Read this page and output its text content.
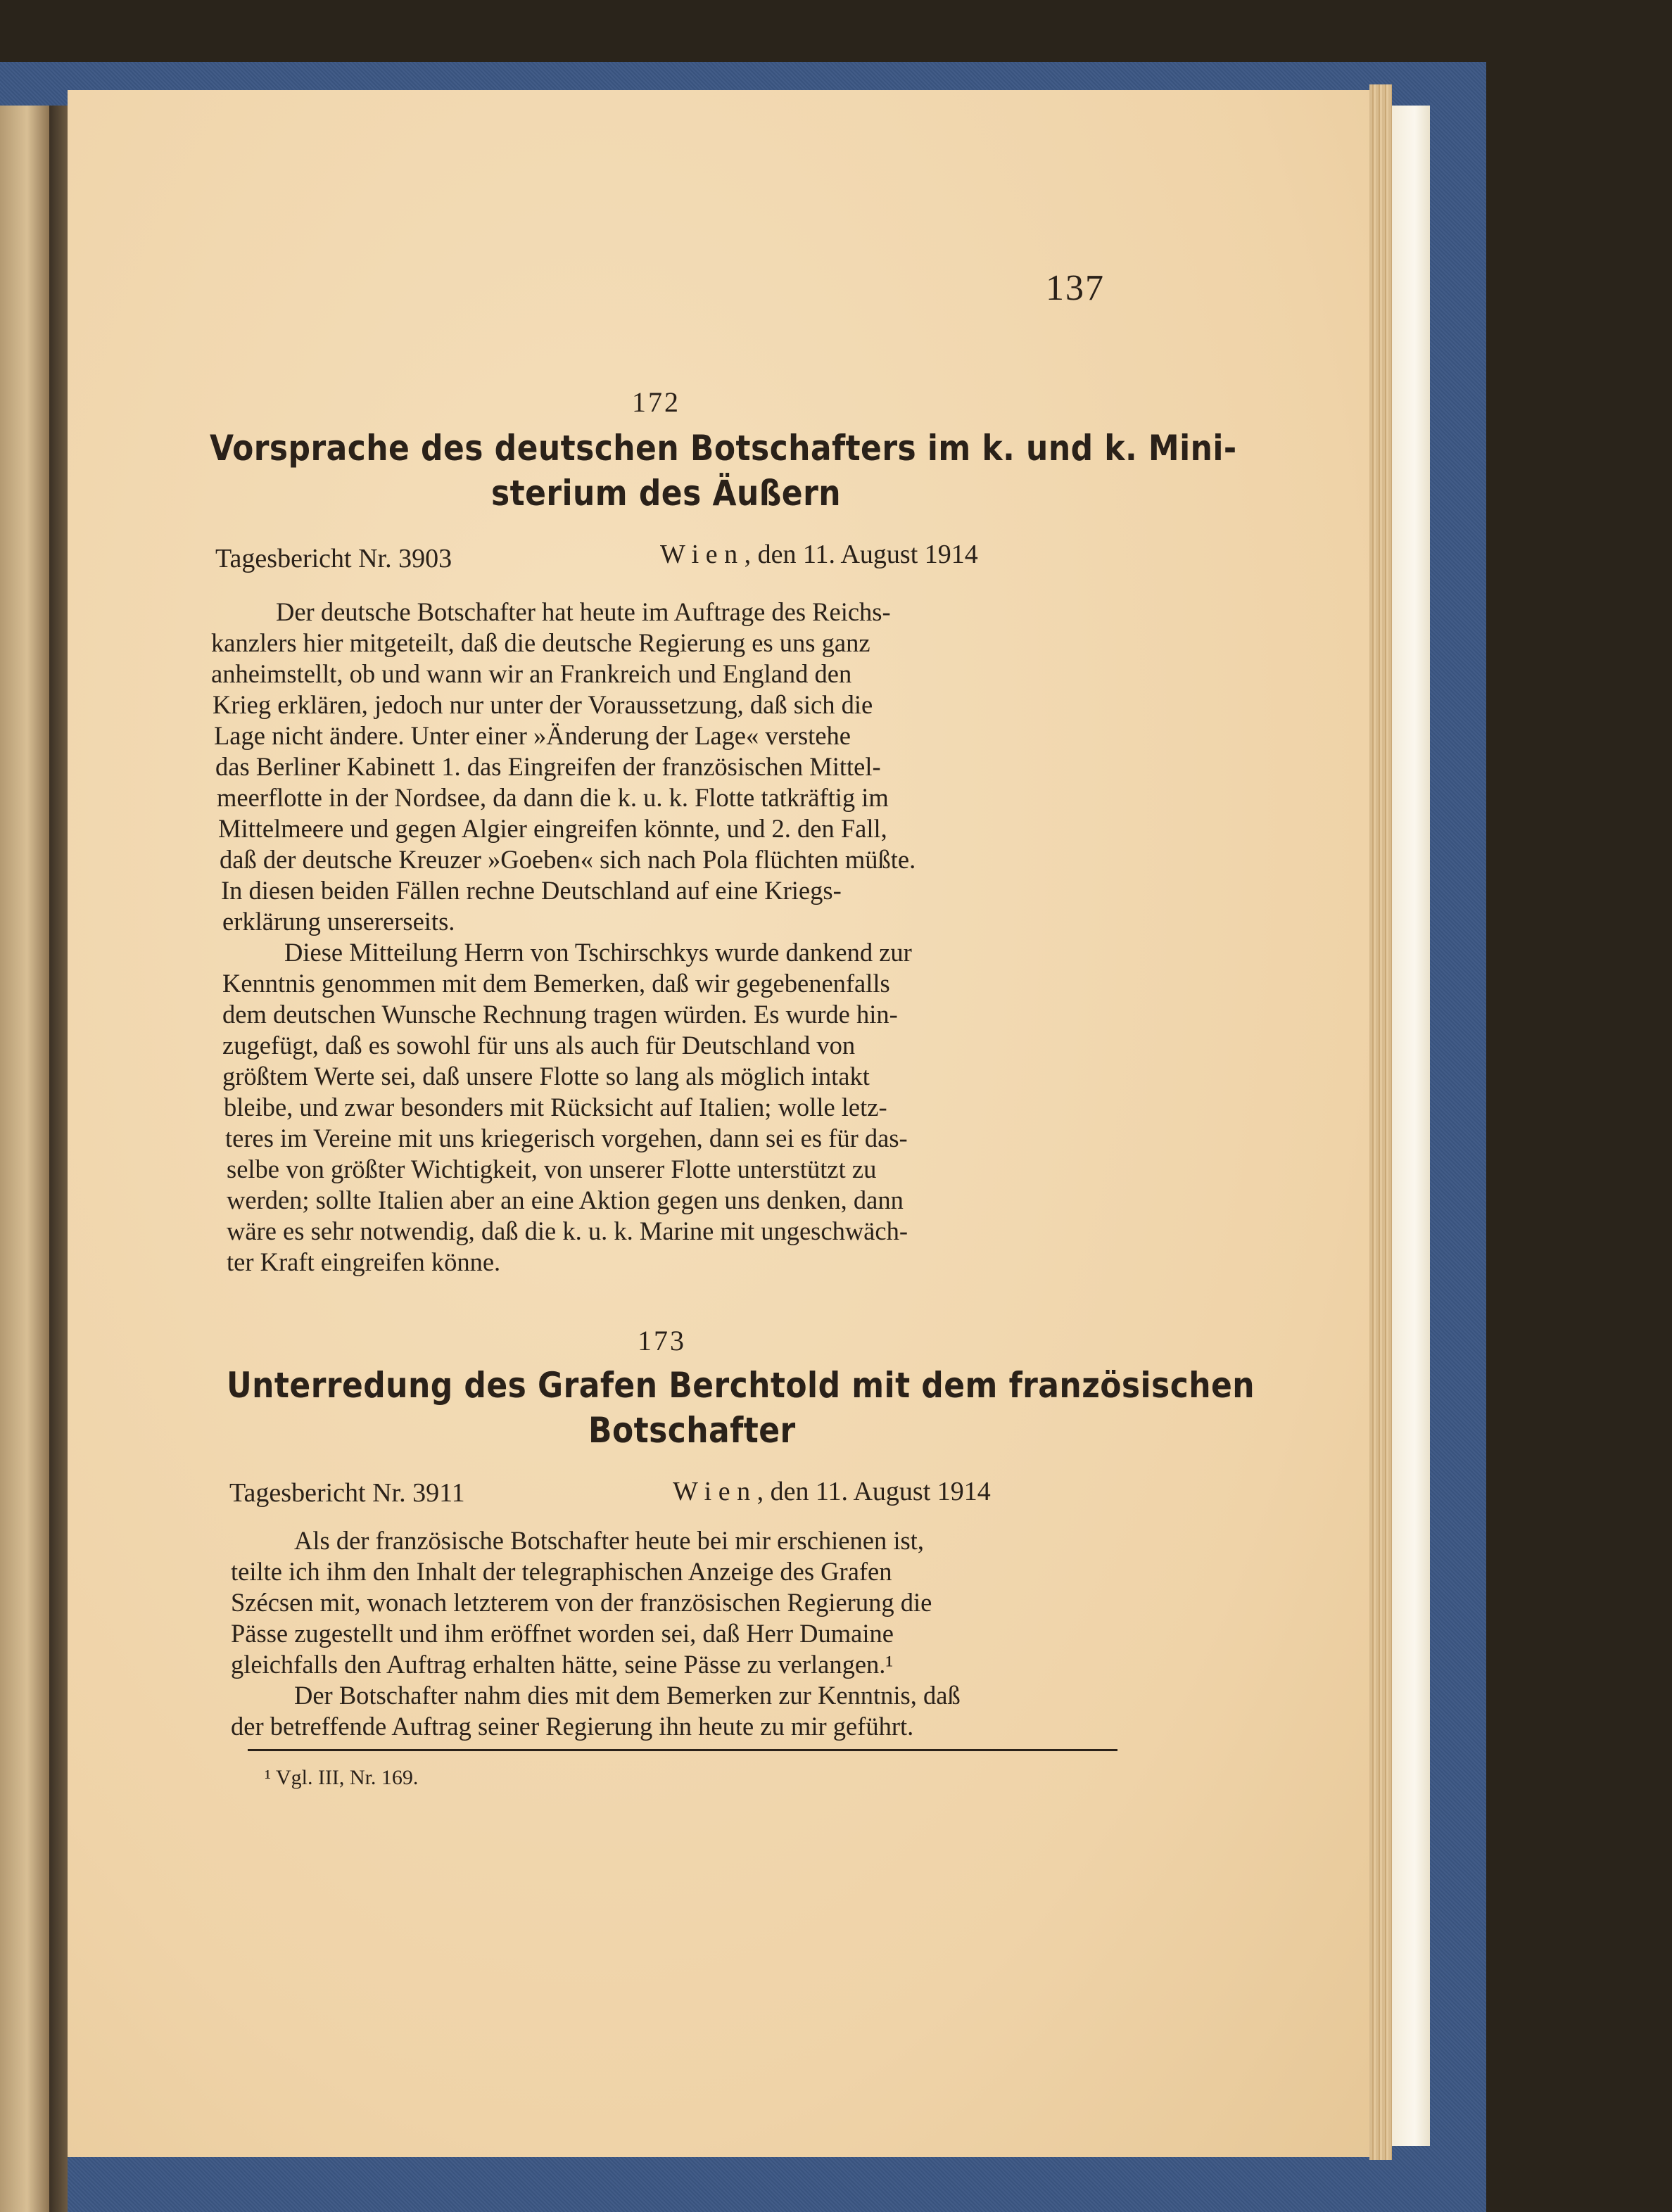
137
172
Vorsprache des deutschen Botschafters im k. und k. Mini-
sterium des Äußern
Tagesbericht Nr. 3903	W i e n , den 11. August 1914
Der deutsche Botschafter hat heute im Auftrage des Reichs-
kanzlers hier mitgeteilt, daß die deutsche Regierung es uns ganz
anheimstellt, ob und wann wir an Frankreich und England den
Krieg erklären, jedoch nur unter der Voraussetzung, daß sich die
Lage nicht ändere. Unter einer »Änderung der Lage« verstehe
das Berliner Kabinett 1. das Eingreifen der französischen Mittel-
meerflotte in der Nordsee, da dann die k. u. k. Flotte tatkräftig im
Mittelmeere und gegen Algier eingreifen könnte, und 2. den Fall,
daß der deutsche Kreuzer »Goeben« sich nach Pola flüchten müßte.
In diesen beiden Fällen rechne Deutschland auf eine Kriegs-
erklärung unsererseits.
Diese Mitteilung Herrn von Tschirschkys wurde dankend zur
Kenntnis genommen mit dem Bemerken, daß wir gegebenenfalls
dem deutschen Wunsche Rechnung tragen würden. Es wurde hin-
zugefügt, daß es sowohl für uns als auch für Deutschland von
größtem Werte sei, daß unsere Flotte so lang als möglich intakt
bleibe, und zwar besonders mit Rücksicht auf Italien; wolle letz-
teres im Vereine mit uns kriegerisch vorgehen, dann sei es für das-
selbe von größter Wichtigkeit, von unserer Flotte unterstützt zu
werden; sollte Italien aber an eine Aktion gegen uns denken, dann
wäre es sehr notwendig, daß die k. u. k. Marine mit ungeschwäch-
ter Kraft eingreifen könne.
173
Unterredung des Grafen Berchtold mit dem französischen
Botschafter
Tagesbericht Nr. 3911	W i e n , den 11. August 1914
Als der französische Botschafter heute bei mir erschienen ist,
teilte ich ihm den Inhalt der telegraphischen Anzeige des Grafen
Szécsen mit, wonach letzterem von der französischen Regierung die
Pässe zugestellt und ihm eröffnet worden sei, daß Herr Dumaine
gleichfalls den Auftrag erhalten hätte, seine Pässe zu verlangen.¹
Der Botschafter nahm dies mit dem Bemerken zur Kenntnis, daß
der betreffende Auftrag seiner Regierung ihn heute zu mir geführt.
¹ Vgl. III, Nr. 169.
